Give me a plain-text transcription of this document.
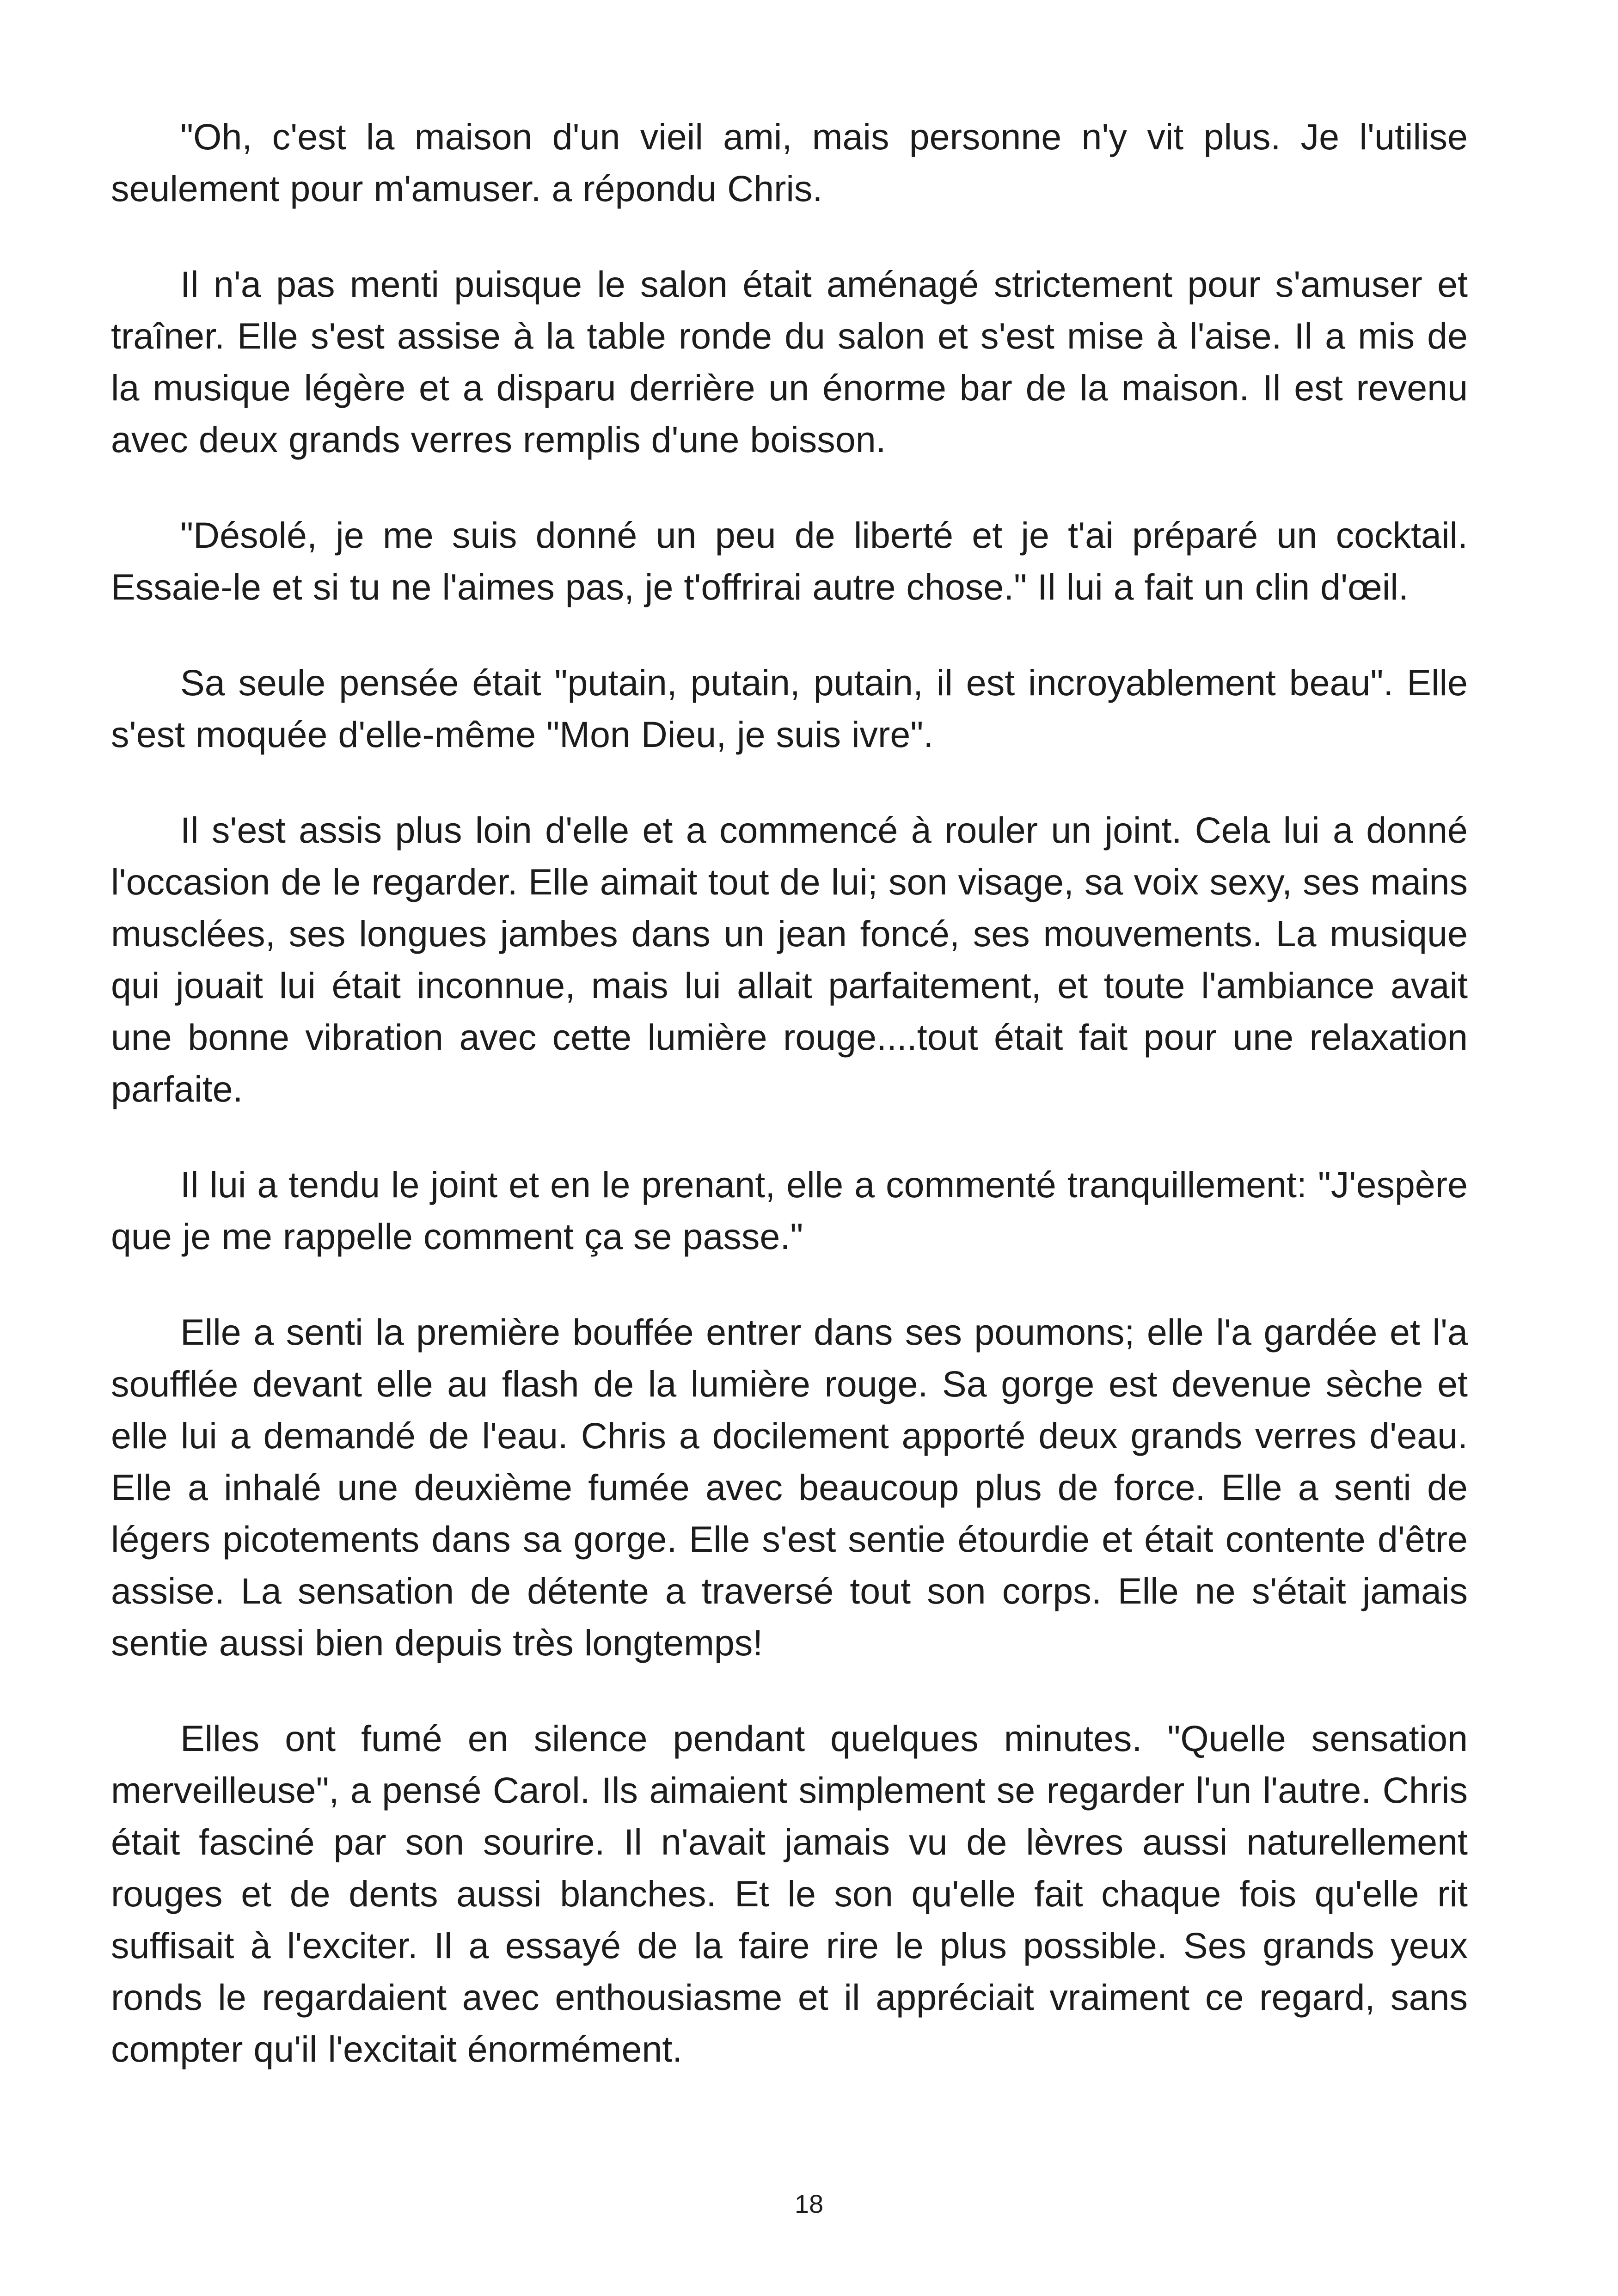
"Oh, c'est la maison d'un vieil ami, mais personne n'y vit plus. Je l'utilise seulement pour m'amuser. a répondu Chris.

Il n'a pas menti puisque le salon était aménagé strictement pour s'amuser et traîner. Elle s'est assise à la table ronde du salon et s'est mise à l'aise. Il a mis de la musique légère et a disparu derrière un énorme bar de la maison. Il est revenu avec deux grands verres remplis d'une boisson.

"Désolé, je me suis donné un peu de liberté et je t'ai préparé un cocktail. Essaie-le et si tu ne l'aimes pas, je t'offrirai autre chose." Il lui a fait un clin d'œil.

Sa seule pensée était "putain, putain, putain, il est incroyablement beau". Elle s'est moquée d'elle-même "Mon Dieu, je suis ivre".

Il s'est assis plus loin d'elle et a commencé à rouler un joint. Cela lui a donné l'occasion de le regarder. Elle aimait tout de lui; son visage, sa voix sexy, ses mains musclées, ses longues jambes dans un jean foncé, ses mouvements. La musique qui jouait lui était inconnue, mais lui allait parfaitement, et toute l'ambiance avait une bonne vibration avec cette lumière rouge....tout était fait pour une relaxation parfaite.

Il lui a tendu le joint et en le prenant, elle a commenté tranquillement: "J'espère que je me rappelle comment ça se passe."

Elle a senti la première bouffée entrer dans ses poumons; elle l'a gardée et l'a soufflée devant elle au flash de la lumière rouge. Sa gorge est devenue sèche et elle lui a demandé de l'eau. Chris a docilement apporté deux grands verres d'eau. Elle a inhalé une deuxième fumée avec beaucoup plus de force. Elle a senti de légers picotements dans sa gorge. Elle s'est sentie étourdie et était contente d'être assise. La sensation de détente a traversé tout son corps. Elle ne s'était jamais sentie aussi bien depuis très longtemps!

Elles ont fumé en silence pendant quelques minutes. "Quelle sensation merveilleuse", a pensé Carol. Ils aimaient simplement se regarder l'un l'autre. Chris était fasciné par son sourire. Il n'avait jamais vu de lèvres aussi naturellement rouges et de dents aussi blanches. Et le son qu'elle fait chaque fois qu'elle rit suffisait à l'exciter. Il a essayé de la faire rire le plus possible. Ses grands yeux ronds le regardaient avec enthousiasme et il appréciait vraiment ce regard, sans compter qu'il l'excitait énormément.

18
